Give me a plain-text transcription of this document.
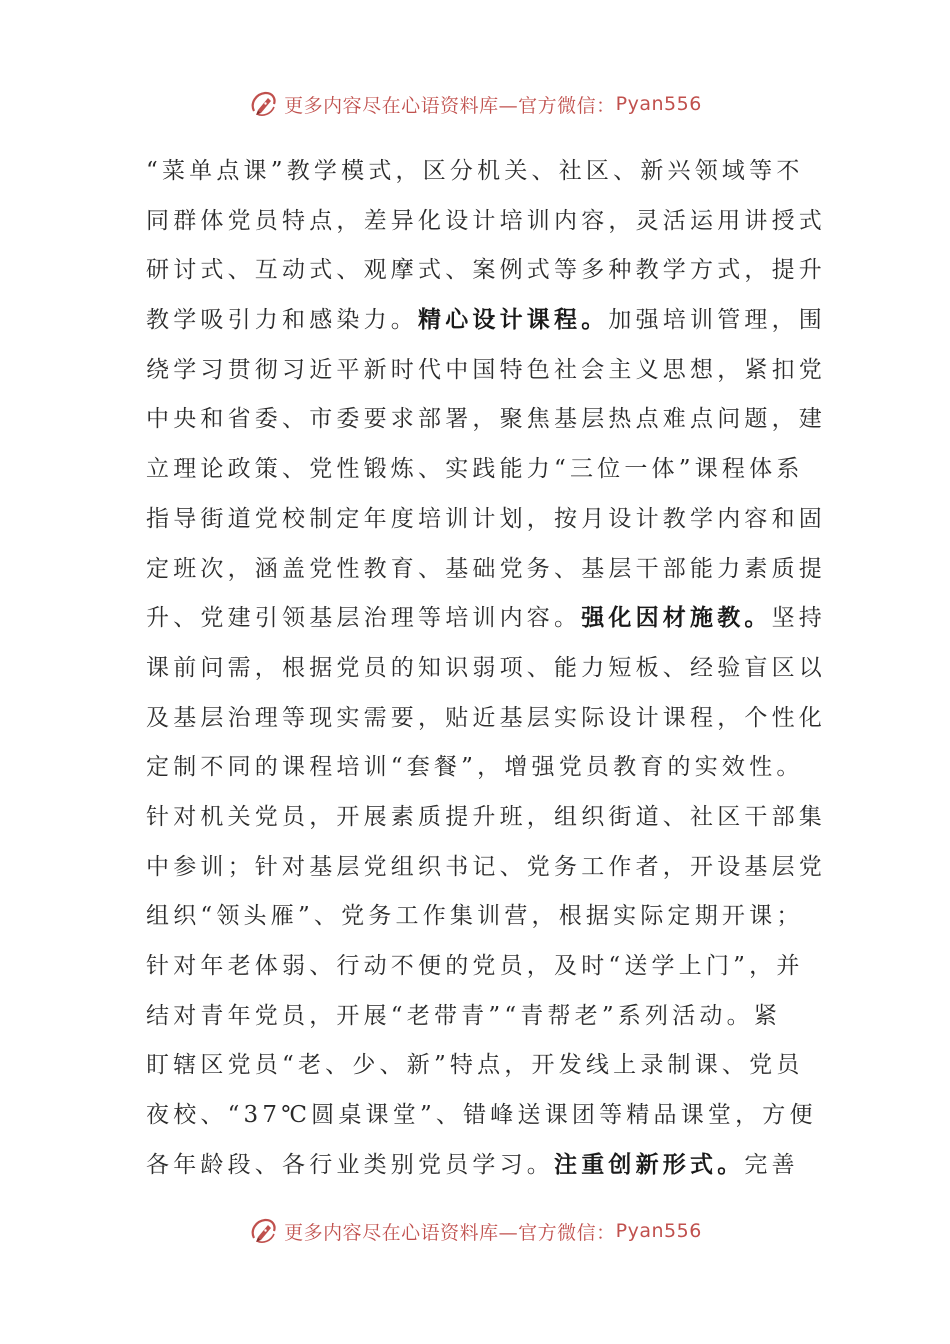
更多内容尽在心语资料库—官方微信： Pyan556
“菜单点课”教学模式，区分机关、社区、新兴领域等不
同群体党员特点，差异化设计培训内容，灵活运用讲授式
研讨式、互动式、观摩式、案例式等多种教学方式，提升
教学吸引力和感染力。精心设计课程。加强培训管理，围
绕学习贯彻习近平新时代中国特色社会主义思想，紧扣党
中央和省委、市委要求部署，聚焦基层热点难点问题，建
立理论政策、党性锻炼、实践能力“三位一体”课程体系
指导街道党校制定年度培训计划，按月设计教学内容和固
定班次，涵盖党性教育、基础党务、基层干部能力素质提
升、党建引领基层治理等培训内容。强化因材施教。坚持
课前问需，根据党员的知识弱项、能力短板、经验盲区以
及基层治理等现实需要，贴近基层实际设计课程，个性化
定制不同的课程培训“套餐”，增强党员教育的实效性。
针对机关党员，开展素质提升班，组织街道、社区干部集
中参训；针对基层党组织书记、党务工作者，开设基层党
组织“领头雁”、党务工作集训营，根据实际定期开课；
针对年老体弱、行动不便的党员，及时“送学上门”，并
结对青年党员，开展“老带青”“青帮老”系列活动。紧
盯辖区党员“老、少、新”特点，开发线上录制课、党员
夜校、“37℃圆桌课堂”、错峰送课团等精品课堂，方便
各年龄段、各行业类别党员学习。注重创新形式。完善
更多内容尽在心语资料库—官方微信： Pyan556
